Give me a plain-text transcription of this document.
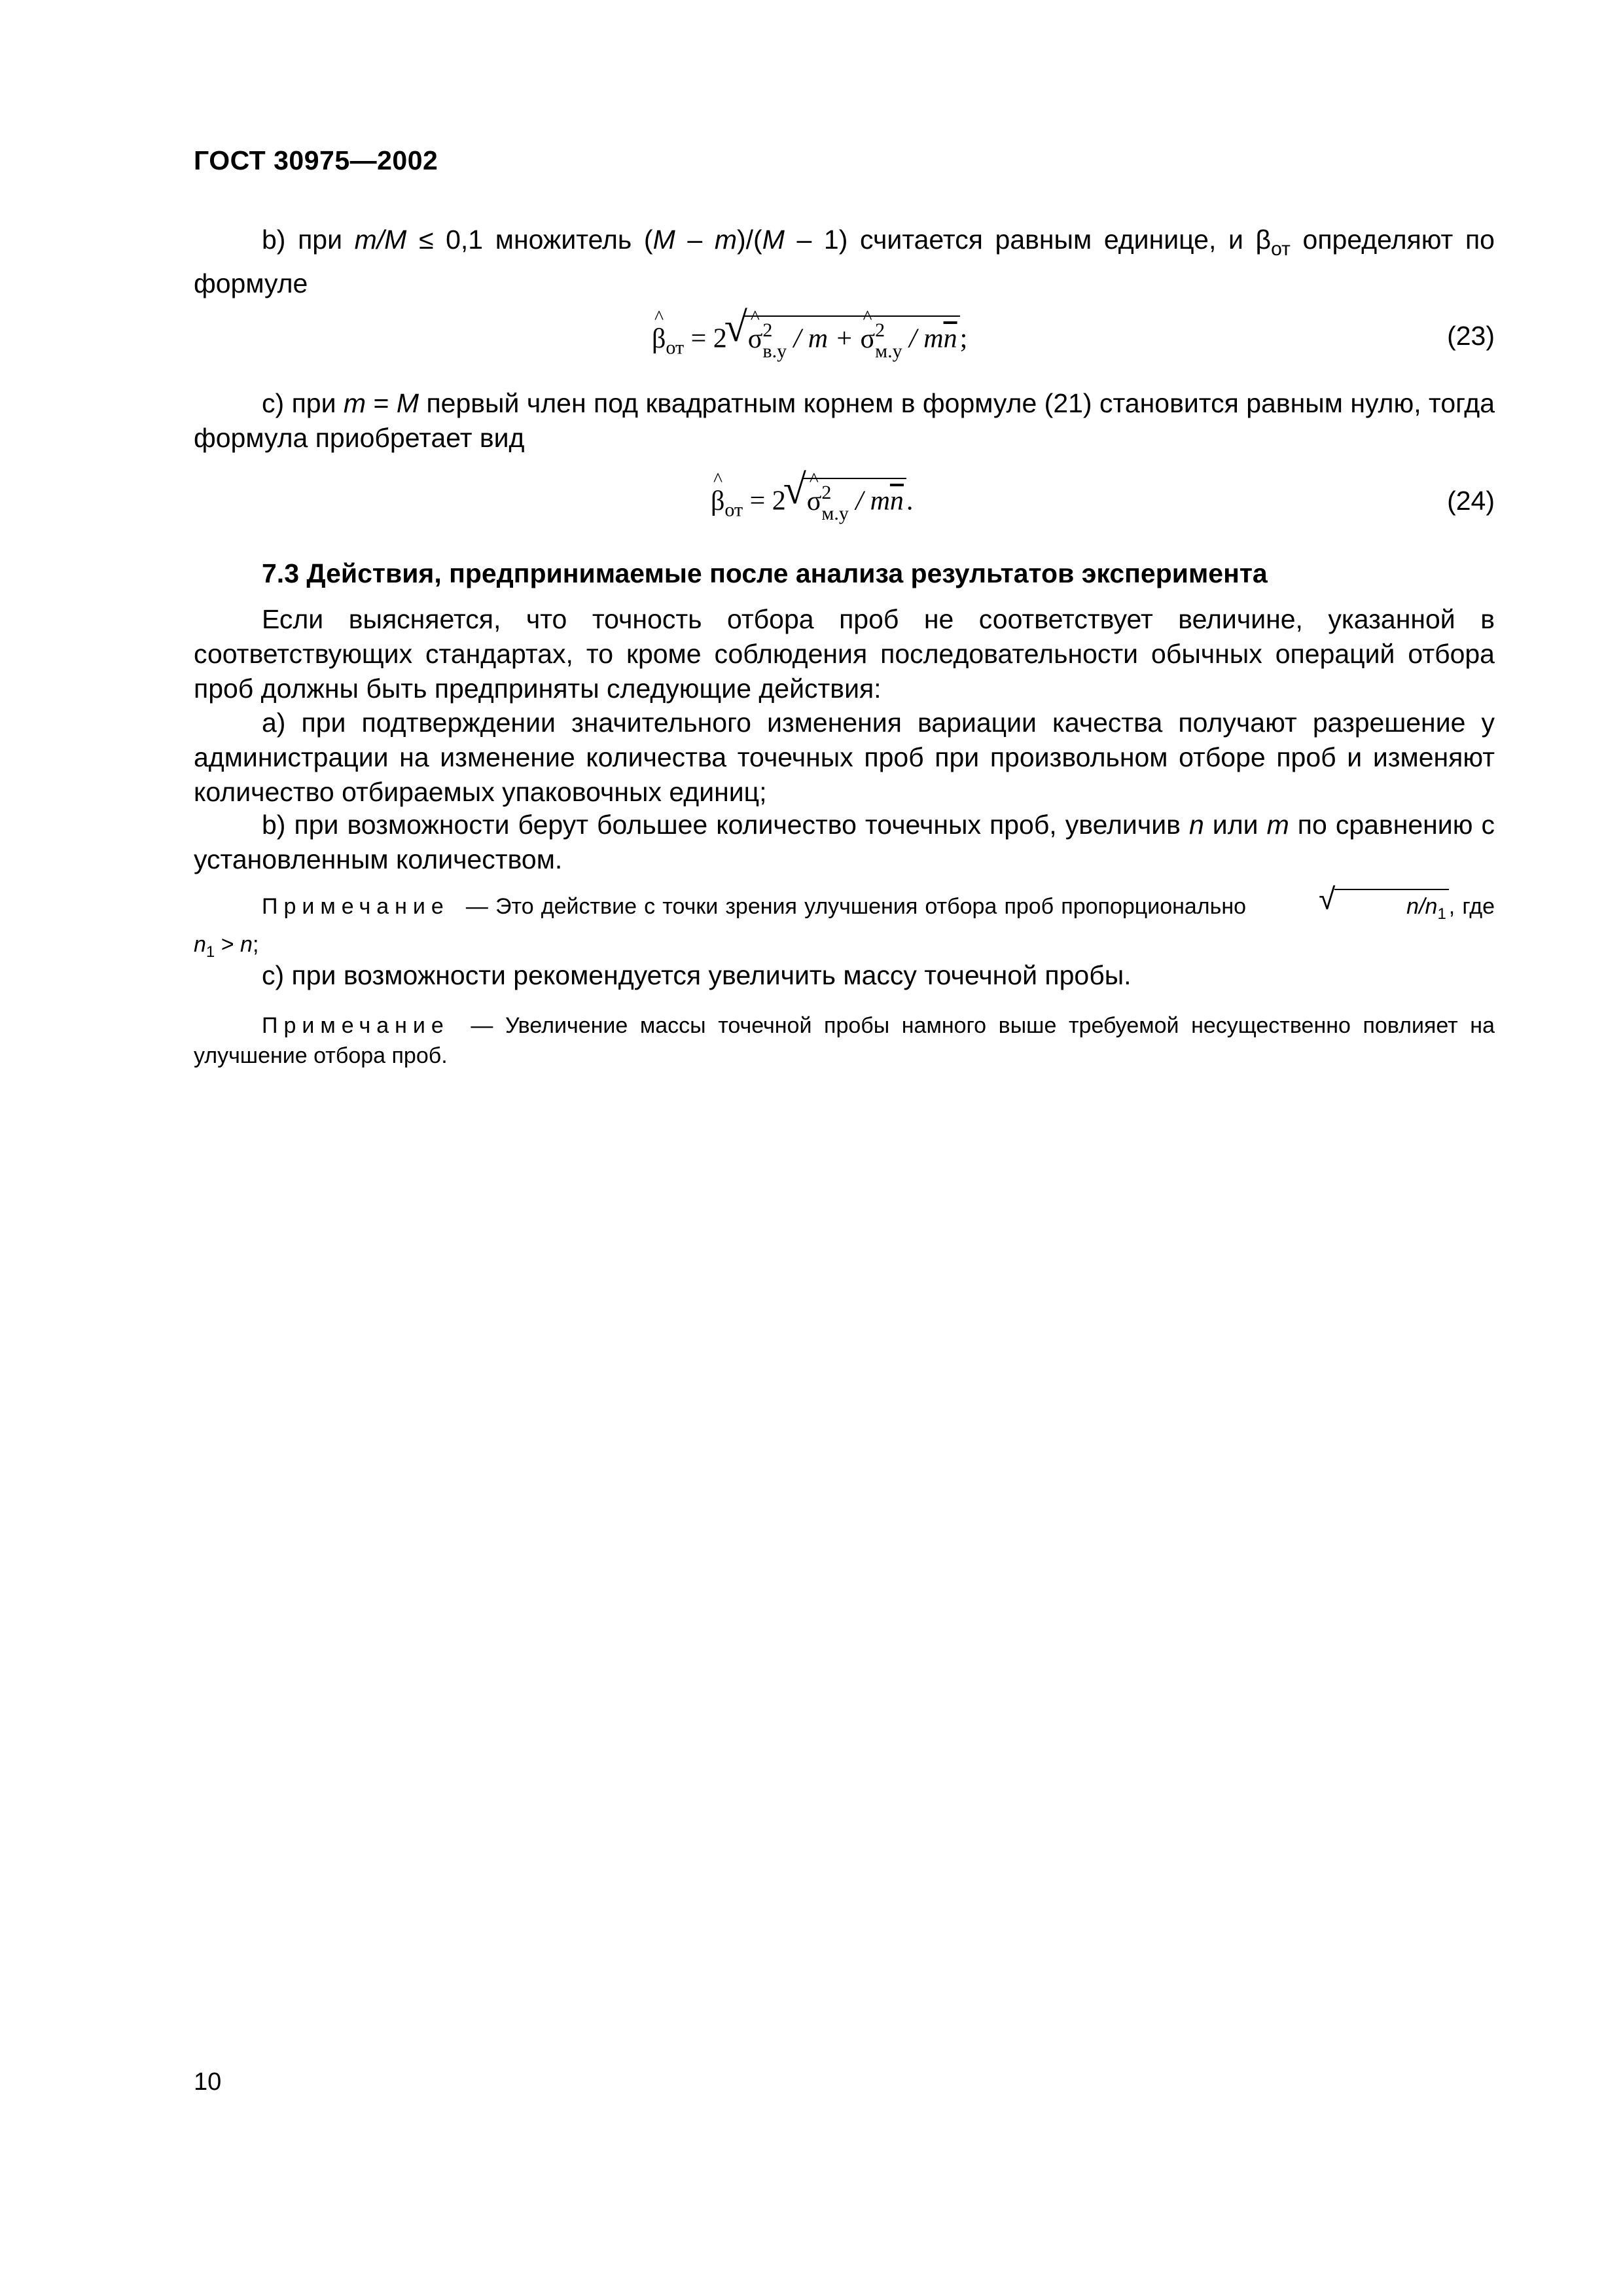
ГОСТ 30975—2002
b) при m/M ≤ 0,1 множитель (M – m)/(M – 1) считается равным единице, и $\beta_{от}$ определяют по формуле
^ $\beta_{от} = 2$
√ ^ σ 2
в.у / m + ^ σ 2
$м.у / m\overline{n}$;	(23)
c) при m = M первый член под квадратным корнем в формуле (21) становится равным нулю, тогда формула приобретает вид
^ $\beta_{от} = 2$
√ ^ σ 2
$м.у / m\overline{n}$.	(24)
7.3 Действия, предпринимаемые после анализа результатов эксперимента
Если выясняется, что точность отбора проб не соответствует величине, указанной в соответствующих стандартах, то кроме соблюдения последовательности обычных операций отбора проб должны быть предприняты следующие действия:
a) при подтверждении значительного изменения вариации качества получают разрешение у администрации на изменение количества точечных проб при произвольном отборе проб и изменяют количество отбираемых упаковочных единиц;
b) при возможности берут большее количество точечных проб, увеличив n или m по сравнению с установленным количеством.
Примечание — Это действие с точки зрения улучшения отбора проб пропорционально	√	$n/n_1$ , где $n_1 > n$;
c) при возможности рекомендуется увеличить массу точечной пробы.
Примечание — Увеличение массы точечной пробы намного выше требуемой несущественно повлияет на улучшение отбора проб.
10
